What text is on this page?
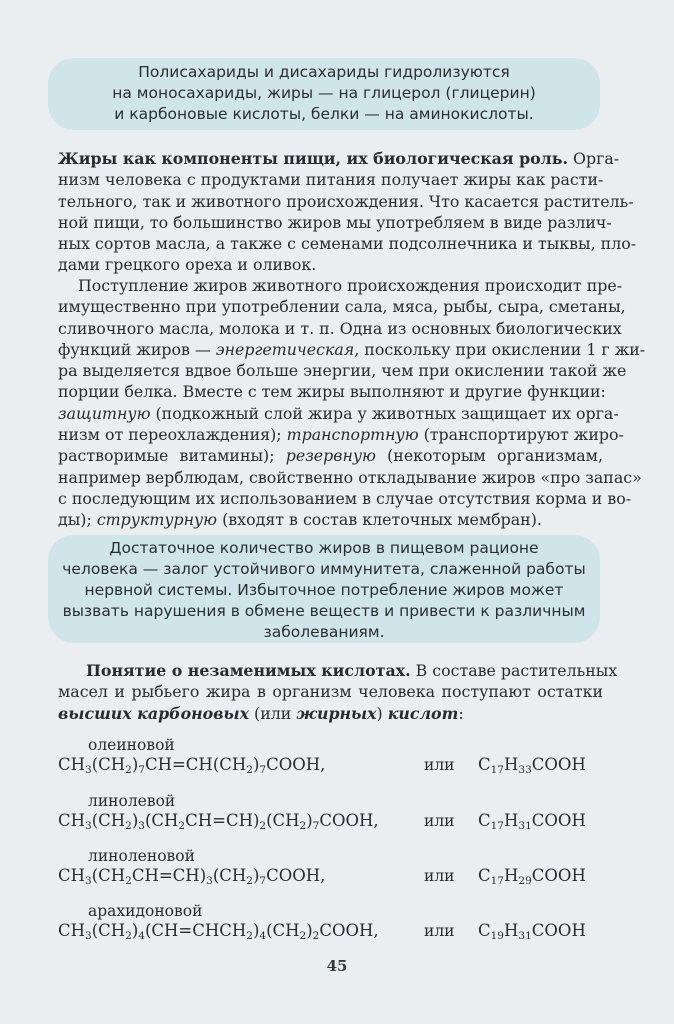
Полисахариды и дисахариды гидролизуются
на моносахариды, жиры — на глицерол (глицерин)
и карбоновые кислоты, белки — на аминокислоты.
Жиры как компоненты пищи, их биологическая роль. Орга-
низм человека с продуктами питания получает жиры как расти-
тельного, так и животного происхождения. Что касается раститель-
ной пищи, то большинство жиров мы употребляем в виде различ-
ных сортов масла, а также с семенами подсолнечника и тыквы, пло-
дами грецкого ореха и оливок.
Поступление жиров животного происхождения происходит пре-
имущественно при употреблении сала, мяса, рыбы, сыра, сметаны,
сливочного масла, молока и т. п. Одна из основных биологических
функций жиров — энергетическая, поскольку при окислении 1 г жи-
ра выделяется вдвое больше энергии, чем при окислении такой же
порции белка. Вместе с тем жиры выполняют и другие функции:
защитную (подкожный слой жира у животных защищает их орга-
низм от переохлаждения); транспортную (транспортируют жиро-
растворимые витамины); резервную (некоторым организмам,
например верблюдам, свойственно откладывание жиров «про запас»
с последующим их использованием в случае отсутствия корма и во-
ды); структурную (входят в состав клеточных мембран).
Достаточное количество жиров в пищевом рационе
человека — залог устойчивого иммунитета, слаженной работы
нервной системы. Избыточное потребление жиров может
вызвать нарушения в обмене веществ и привести к различным
заболеваниям.
Понятие о незаменимых кислотах. В составе растительных
масел и рыбьего жира в организм человека поступают остатки
высших карбоновых (или жирных) кислот:
олеиновой
$CH_3(CH_2)_7CH=CH(CH_2)_7COOH$,	или $C_{17}H_{33}COOH$
линолевой
$CH_3(CH_2)_3(CH_2CH=CH)_2(CH_2)_7COOH$,	или $C_{17}H_{31}COOH$
линоленовой
$CH_3(CH_2CH=CH)_3(CH_2)_7COOH$,	или $C_{17}H_{29}COOH$
арахидоновой
$CH_3(CH_2)_4(CH=CHCH_2)_4(CH_2)_2COOH$,	или $C_{19}H_{31}COOH$
45
